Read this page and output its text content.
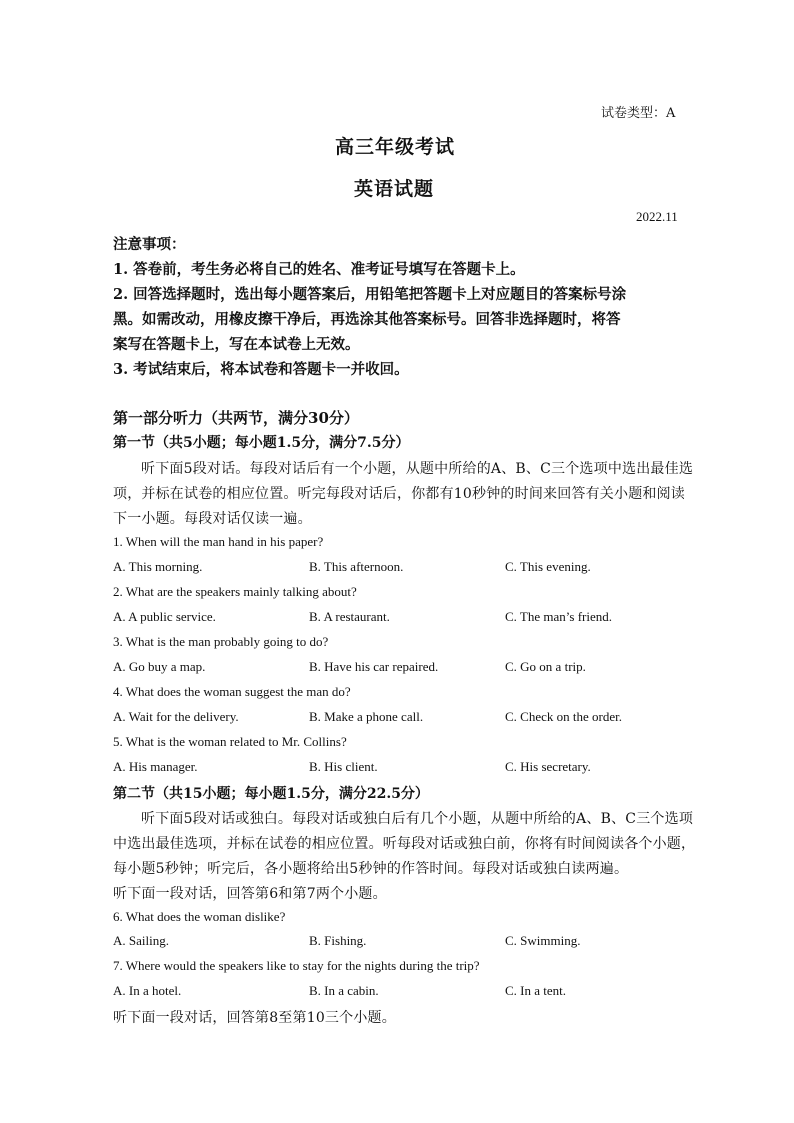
试卷类型：A
高三年级考试
英语试题
2022.11
注意事项：
1. 答卷前，考生务必将自己的姓名、准考证号填写在答题卡上。
2. 回答选择题时，选出每小题答案后，用铅笔把答题卡上对应题目的答案标号涂
黑。如需改动，用橡皮擦干净后，再选涂其他答案标号。回答非选择题时，将答
案写在答题卡上，写在本试卷上无效。
3. 考试结束后，将本试卷和答题卡一并收回。
第一部分听力（共两节，满分30分）
第一节（共5小题；每小题1.5分，满分7.5分）
听下面5段对话。每段对话后有一个小题，从题中所给的A、B、C三个选项中选出最佳选
项，并标在试卷的相应位置。听完每段对话后，你都有10秒钟的时间来回答有关小题和阅读
下一小题。每段对话仅读一遍。
1. When will the man hand in his paper?
A. This morning.	B. This afternoon.	C. This evening.
2. What are the speakers mainly talking about?
A. A public service.	B. A restaurant.	C. The man’s friend.
3. What is the man probably going to do?
A. Go buy a map.	B. Have his car repaired.	C. Go on a trip.
4. What does the woman suggest the man do?
A. Wait for the delivery.	B. Make a phone call.	C. Check on the order.
5. What is the woman related to Mr. Collins?
A. His manager.	B. His client.	C. His secretary.
第二节（共15小题；每小题1.5分，满分22.5分）
听下面5段对话或独白。每段对话或独白后有几个小题，从题中所给的A、B、C三个选项
中选出最佳选项，并标在试卷的相应位置。听每段对话或独白前，你将有时间阅读各个小题，
每小题5秒钟；听完后，各小题将给出5秒钟的作答时间。每段对话或独白读两遍。
听下面一段对话，回答第6和第7两个小题。
6. What does the woman dislike?
A. Sailing.	B. Fishing.	C. Swimming.
7. Where would the speakers like to stay for the nights during the trip?
A. In a hotel.	B. In a cabin.	C. In a tent.
听下面一段对话，回答第8至第10三个小题。
